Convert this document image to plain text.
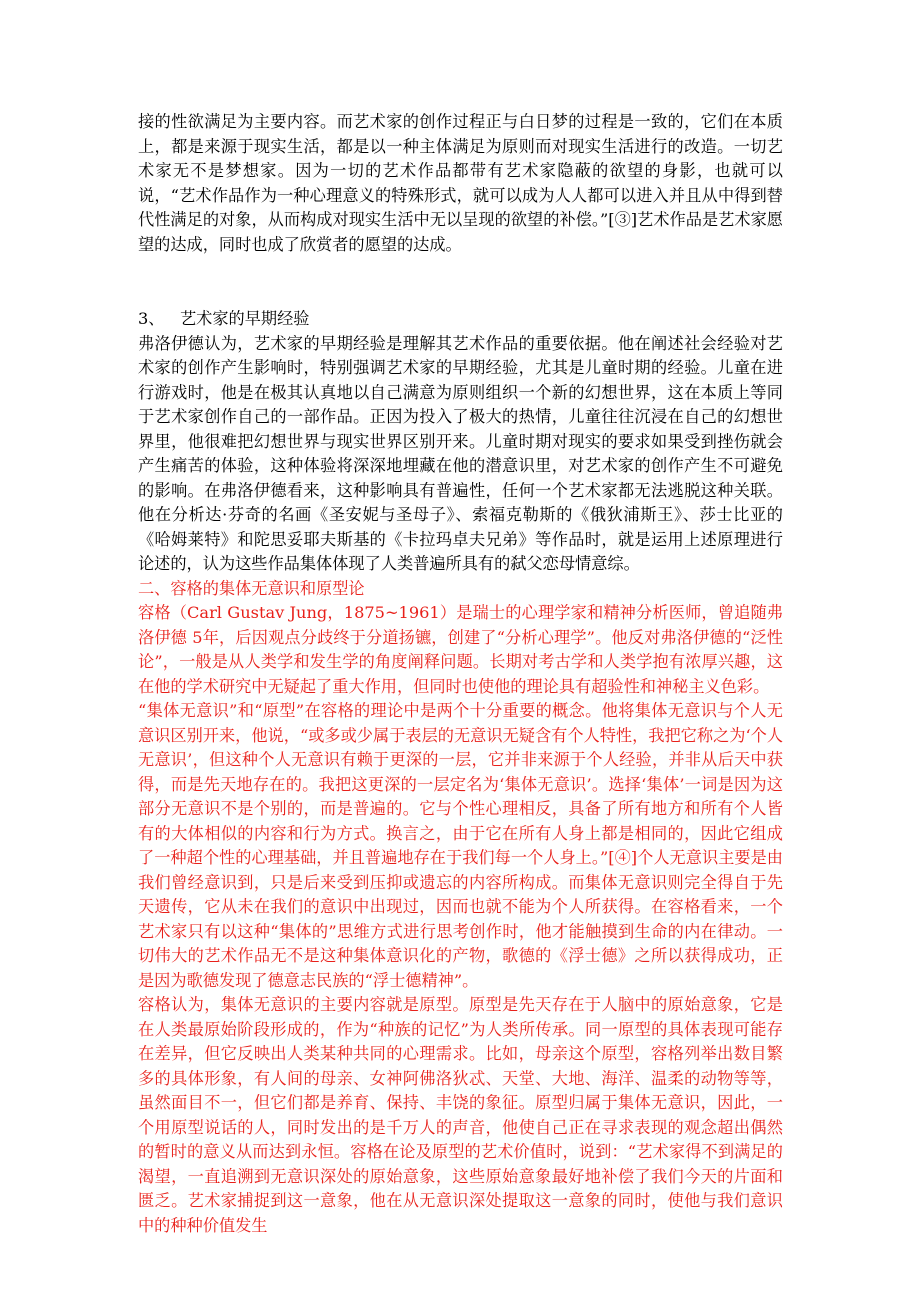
接的性欲满足为主要内容。而艺术家的创作过程正与白日梦的过程是一致的，它们在本质上，都是来源于现实生活，都是以一种主体满足为原则而对现实生活进行的改造。一切艺术家无不是梦想家。因为一切的艺术作品都带有艺术家隐蔽的欲望的身影，也就可以说，“艺术作品作为一种心理意义的特殊形式，就可以成为人人都可以进入并且从中得到替代性满足的对象，从而构成对现实生活中无以呈现的欲望的补偿。”[③]艺术作品是艺术家愿望的达成，同时也成了欣赏者的愿望的达成。

3、 艺术家的早期经验

弗洛伊德认为，艺术家的早期经验是理解其艺术作品的重要依据。他在阐述社会经验对艺术家的创作产生影响时，特别强调艺术家的早期经验，尤其是儿童时期的经验。儿童在进行游戏时，他是在极其认真地以自己满意为原则组织一个新的幻想世界，这在本质上等同于艺术家创作自己的一部作品。正因为投入了极大的热情，儿童往往沉浸在自己的幻想世界里，他很难把幻想世界与现实世界区别开来。儿童时期对现实的要求如果受到挫伤就会产生痛苦的体验，这种体验将深深地埋藏在他的潜意识里，对艺术家的创作产生不可避免的影响。在弗洛伊德看来，这种影响具有普遍性，任何一个艺术家都无法逃脱这种关联。他在分析达·芬奇的名画《圣安妮与圣母子》、索福克勒斯的《俄狄浦斯王》、莎士比亚的《哈姆莱特》和陀思妥耶夫斯基的《卡拉玛卓夫兄弟》等作品时，就是运用上述原理进行论述的，认为这些作品集体体现了人类普遍所具有的弑父恋母情意综。

二、容格的集体无意识和原型论

容格（Carl Gustav Jung，1875~1961）是瑞士的心理学家和精神分析医师，曾追随弗洛伊德 5年，后因观点分歧终于分道扬镳，创建了“分析心理学”。他反对弗洛伊德的“泛性论”，一般是从人类学和发生学的角度阐释问题。长期对考古学和人类学抱有浓厚兴趣，这在他的学术研究中无疑起了重大作用，但同时也使他的理论具有超验性和神秘主义色彩。

“集体无意识”和“原型”在容格的理论中是两个十分重要的概念。他将集体无意识与个人无意识区别开来，他说，“或多或少属于表层的无意识无疑含有个人特性，我把它称之为‘个人无意识’，但这种个人无意识有赖于更深的一层，它并非来源于个人经验，并非从后天中获得，而是先天地存在的。我把这更深的一层定名为‘集体无意识’。选择‘集体’一词是因为这部分无意识不是个别的，而是普遍的。它与个性心理相反，具备了所有地方和所有个人皆有的大体相似的内容和行为方式。换言之，由于它在所有人身上都是相同的，因此它组成了一种超个性的心理基础，并且普遍地存在于我们每一个人身上。”[④]个人无意识主要是由我们曾经意识到，只是后来受到压抑或遗忘的内容所构成。而集体无意识则完全得自于先天遗传，它从未在我们的意识中出现过，因而也就不能为个人所获得。在容格看来，一个艺术家只有以这种“集体的”思维方式进行思考创作时，他才能触摸到生命的内在律动。一切伟大的艺术作品无不是这种集体意识化的产物，歌德的《浮士德》之所以获得成功，正是因为歌德发现了德意志民族的“浮士德精神”。

容格认为，集体无意识的主要内容就是原型。原型是先天存在于人脑中的原始意象，它是在人类最原始阶段形成的，作为“种族的记忆”为人类所传承。同一原型的具体表现可能存在差异，但它反映出人类某种共同的心理需求。比如，母亲这个原型，容格列举出数目繁多的具体形象，有人间的母亲、女神阿佛洛狄忒、天堂、大地、海洋、温柔的动物等等，虽然面目不一，但它们都是养育、保持、丰饶的象征。原型归属于集体无意识，因此，一个用原型说话的人，同时发出的是千万人的声音，他使自己正在寻求表现的观念超出偶然的暂时的意义从而达到永恒。容格在论及原型的艺术价值时，说到：“艺术家得不到满足的渴望，一直追溯到无意识深处的原始意象，这些原始意象最好地补偿了我们今天的片面和匮乏。艺术家捕捉到这一意象，他在从无意识深处提取这一意象的同时，使他与我们意识中的种种价值发生
